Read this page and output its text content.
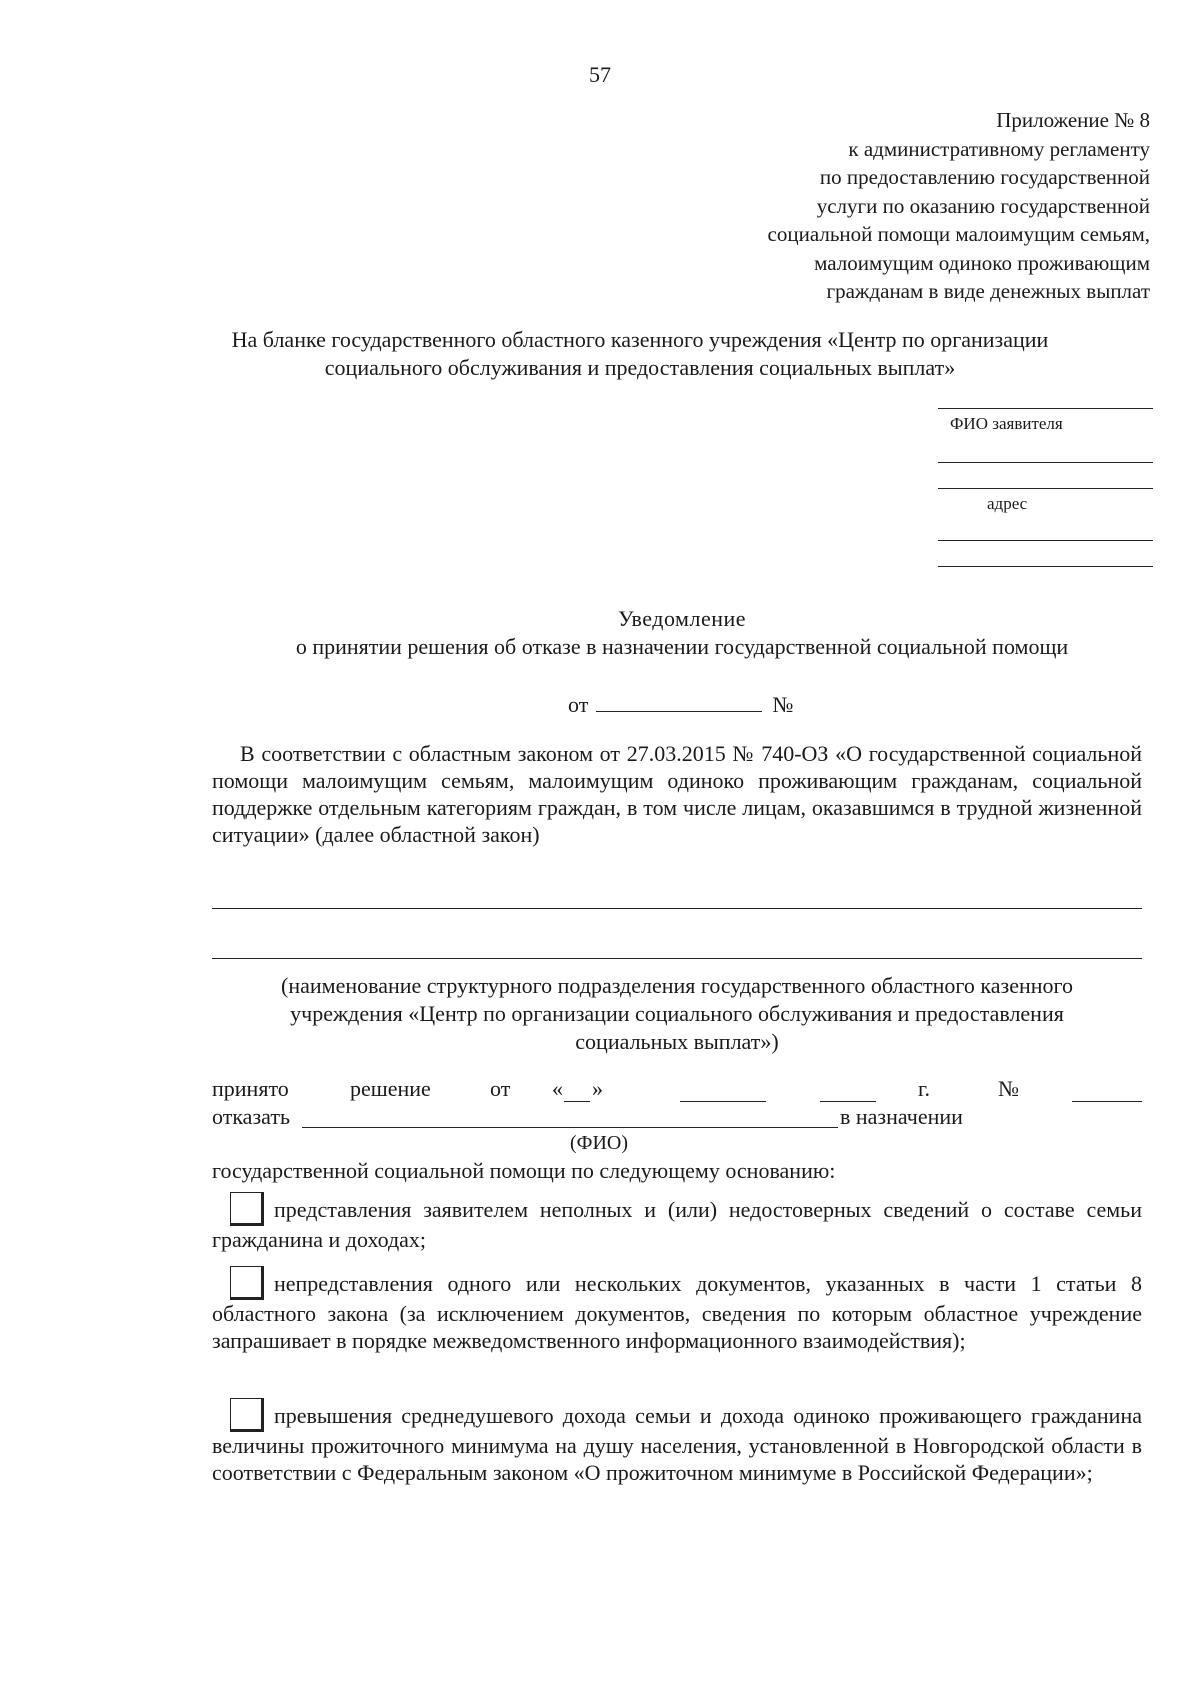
57
Приложение № 8
к административному регламенту
по предоставлению государственной
услуги по оказанию государственной
социальной помощи малоимущим семьям,
малоимущим одиноко проживающим
гражданам в виде денежных выплат
На бланке государственного областного казенного учреждения «Центр по организации
социального обслуживания и предоставления социальных выплат»
ФИО заявителя
адрес
Уведомление
о принятии решения об отказе в назначении государственной социальной помощи
от	№
В соответствии с областным законом от 27.03.2015 № 740-ОЗ «О государственной социальной помощи малоимущим семьям, малоимущим одиноко проживающим гражданам, социальной поддержке отдельным категориям граждан, в том числе лицам, оказавшимся в трудной жизненной ситуации» (далее областной закон)
(наименование структурного подразделения государственного областного казенного
учреждения «Центр по организации социального обслуживания и предоставления
социальных выплат»)
принято	решение	от « »	г.	№
отказать	в назначении
(ФИО)
государственной социальной помощи по следующему основанию:
представления заявителем неполных и (или) недостоверных сведений о составе семьи гражданина и доходах;
непредставления одного или нескольких документов, указанных в части 1 статьи 8 областного закона (за исключением документов, сведения по которым областное учреждение запрашивает в порядке межведомственного информационного взаимодействия);
превышения среднедушевого дохода семьи и дохода одиноко проживающего гражданина величины прожиточного минимума на душу населения, установленной в Новгородской области в соответствии с Федеральным законом «О прожиточном минимуме в Российской Федерации»;
